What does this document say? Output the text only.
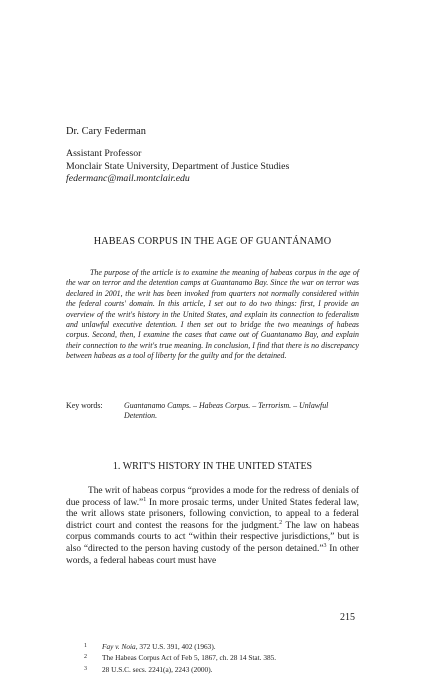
Dr. Cary Federman
Assistant Professor
Monclair State University, Department of Justice Studies
federmanc@mail.montclair.edu
HABEAS CORPUS IN THE AGE OF GUANTÁNAMO

The purpose of the article is to examine the meaning of habeas corpus in the age of the war on terror and the detention camps at Guantanamo Bay. Since the war on terror was declared in 2001, the writ has been invoked from quarters not normally considered within the federal courts' domain. In this article, I set out to do two things: first, I provide an overview of the writ's history in the United States, and explain its connection to federalism and unlawful executive detention. I then set out to bridge the two meanings of habeas corpus. Second, then, I examine the cases that came out of Guantanamo Bay, and explain their connection to the writ's true meaning. In conclusion, I find that there is no discrepancy between habeas as a tool of liberty for the guilty and for the detained.

Key words:	Guantanamo Camps. – Habeas Corpus. – Terrorism. – Unlawful Detention.
1. WRIT'S HISTORY IN THE UNITED STATES

The writ of habeas corpus “provides a mode for the redress of denials of due process of law.”$^1$ In more prosaic terms, under United States federal law, the writ allows state prisoners, following conviction, to appeal to a federal district court and contest the reasons for the judgment.$^2$ The law on habeas corpus commands courts to act “within their respective jurisdictions,” but is also “directed to the person having custody of the person detained.”$^3$ In other words, a federal habeas court must have

1 Fay v. Noia, 372 U.S. 391, 402 (1963).
2 The Habeas Corpus Act of Feb 5, 1867, ch. 28 14 Stat. 385.
3 28 U.S.C. secs. 2241(a), 2243 (2000).
215
